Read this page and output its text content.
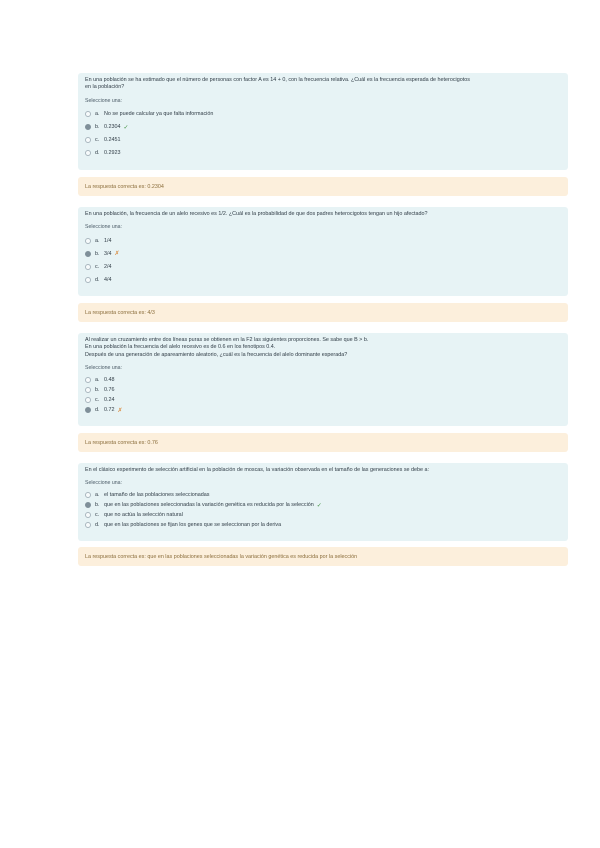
En una población se ha estimado que el número de personas con factor A es 14 + 0, con la frecuencia relativa. ¿Cuál es la frecuencia esperada de heterocigotos
en la población?
Seleccione una:
a. No se puede calcular ya que falta información
b. 0.2304 ✓
c. 0.2451
d. 0.2923
La respuesta correcta es: 0.2304
En una población, la frecuencia de un alelo recesivo es 1/2. ¿Cuál es la probabilidad de que dos padres heterocigotos tengan un hijo afectado?
Seleccione una:
a. 1/4
b. 3/4 ✗
c. 2/4
d. 4/4
La respuesta correcta es: 4/3
Al realizar un cruzamiento entre dos líneas puras se obtienen en la F2 las siguientes proporciones. Se sabe que B > b.
En una población la frecuencia del alelo recesivo es de 0.6 en los fenotipos 0.4.
Después de una generación de apareamiento aleatorio, ¿cuál es la frecuencia del alelo dominante esperada?
Seleccione una:
a. 0.48
b. 0.76
c. 0.24
d. 0.72 ✗
La respuesta correcta es: 0.76
En el clásico experimento de selección artificial en la población de moscas, la variación observada en el tamaño de las generaciones se debe a:
Seleccione una:
a. el tamaño de las poblaciones seleccionadas
b. que en las poblaciones seleccionadas la variación genética es reducida por la selección ✓
c. que no actúa la selección natural
d. que en las poblaciones se fijan los genes que se seleccionan por la deriva
La respuesta correcta es: que en las poblaciones seleccionadas la variación genética es reducida por la selección
